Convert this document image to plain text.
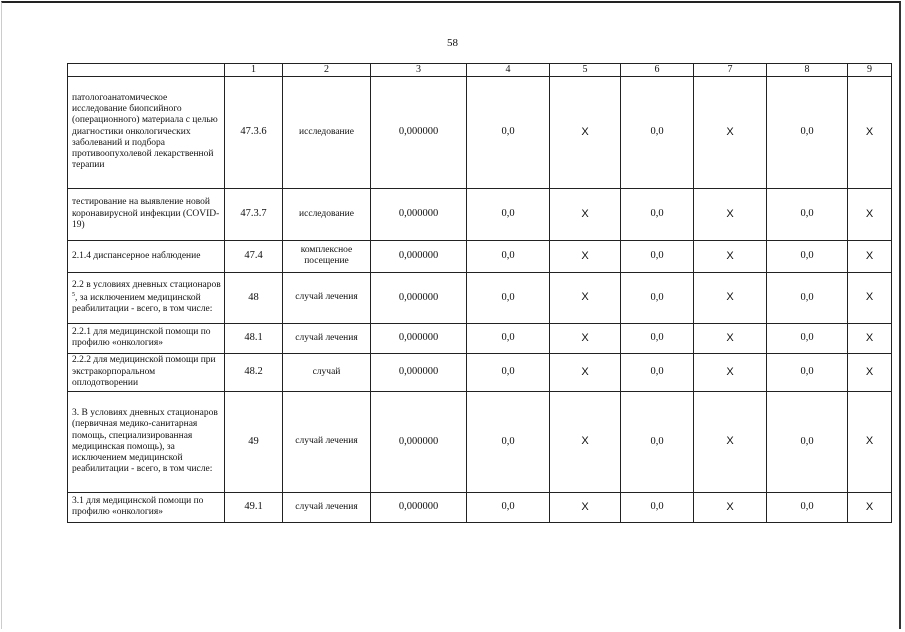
58
	1	2	3	4	5	6	7	8	9
патологоанатомическое исследование биопсийного (операционного) материала с целью диагностики онкологических заболеваний и подбора противоопухолевой лекарственной терапии	47.3.6	исследование	0,000000	0,0	X	0,0	X	0,0	X
тестирование на выявление новой коронавирусной инфекции (COVID-19)	47.3.7	исследование	0,000000	0,0	X	0,0	X	0,0	X
2.1.4 диспансерное наблюдение	47.4	комплексное посещение	0,000000	0,0	X	0,0	X	0,0	X
2.2 в условиях дневных стационаров $^5$, за исключением медицинской реабилитации - всего, в том числе:	48	случай лечения	0,000000	0,0	X	0,0	X	0,0	X
2.2.1 для медицинской помощи по профилю «онкология»	48.1	случай лечения	0,000000	0,0	X	0,0	X	0,0	X
2.2.2 для медицинской помощи при экстракорпоральном оплодотворении	48.2	случай	0,000000	0,0	X	0,0	X	0,0	X
3. В условиях дневных стационаров (первичная медико-санитарная помощь, специализированная медицинская помощь), за исключением медицинской реабилитации - всего, в том числе:	49	случай лечения	0,000000	0,0	X	0,0	X	0,0	X
3.1 для медицинской помощи по профилю «онкология»	49.1	случай лечения	0,000000	0,0	X	0,0	X	0,0	X
